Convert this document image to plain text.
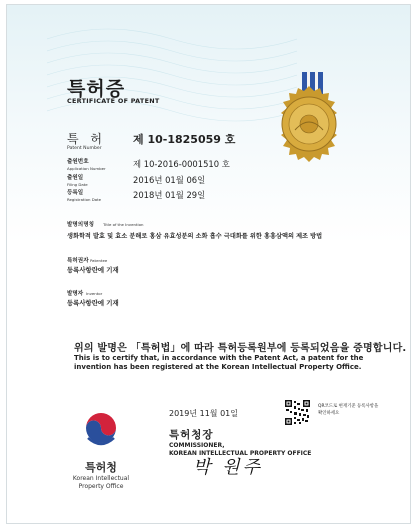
특허증
CERTIFICATE OF PATENT
특 허
Patent Number
제 10-1825059 호
출원번호
Application Number	제 10-2016-0001510 호
출원일
Filing Date	2016년 01월 06일
등록일
Registration Date	2018년 01월 29일
발명의명칭 Title of the Invention
생화학적 발효 및 효소 분해로 홍삼 유효성분의 소화 흡수 극대화를 위한 홍흥삼액의 제조 방법
특허권자 Patentee
등록사항란에 기재
발명자 Inventor
등록사항란에 기재
위의 발명은 「특허법」에 따라 특허등록원부에 등록되었음을 증명합니다.
This is to certify that, in accordance with the Patent Act, a patent for the invention has been registered at the Korean Intellectual Property Office.
2019년 11월 01일
QR코드로 현재기준 등록사항을 확인하세요
특허청장
COMMISSIONER,
KOREAN INTELLECTUAL PROPERTY OFFICE
박 원주
특허청
Korean Intellectual Property Office
